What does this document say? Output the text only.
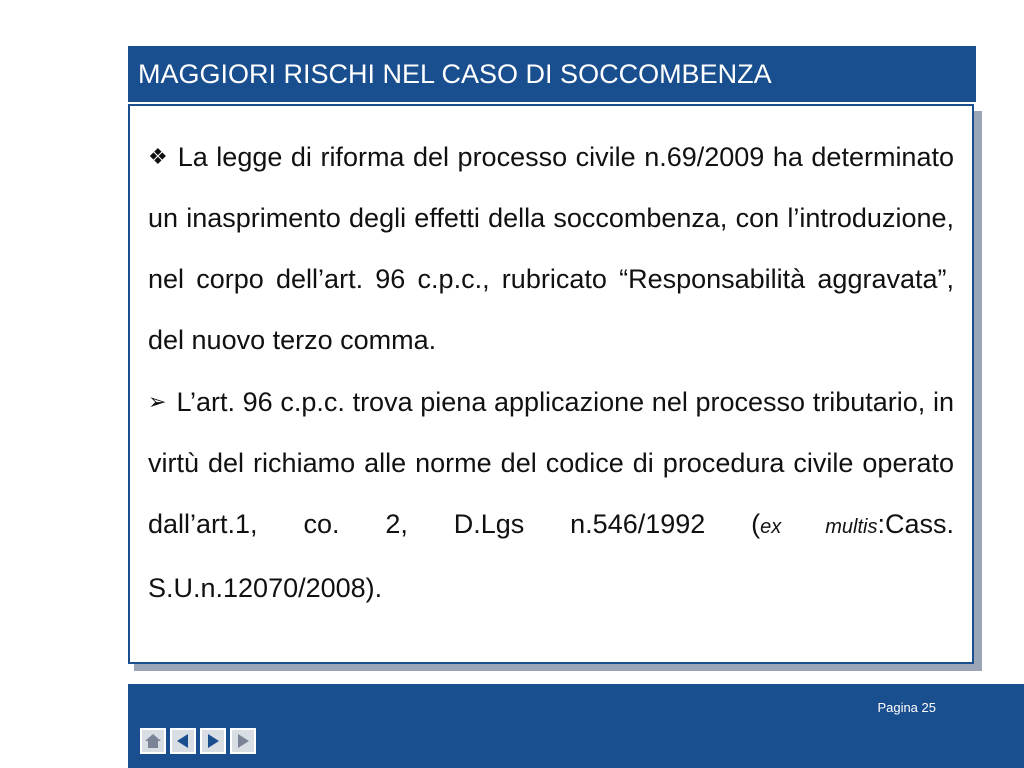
MAGGIORI RISCHI NEL CASO DI SOCCOMBENZA

❖ La legge di riforma del processo civile n.69/2009 ha determinato un inasprimento degli effetti della soccombenza, con l’introduzione, nel corpo dell’art. 96 c.p.c., rubricato “Responsabilità aggravata”, del nuovo terzo comma.

➢ L’art. 96 c.p.c. trova piena applicazione nel processo tributario, in virtù del richiamo alle norme del codice di procedura civile operato dall’art.1, co. 2, D.Lgs n.546/1992 (ex multis:Cass. S.U.n.12070/2008).

Pagina 25
